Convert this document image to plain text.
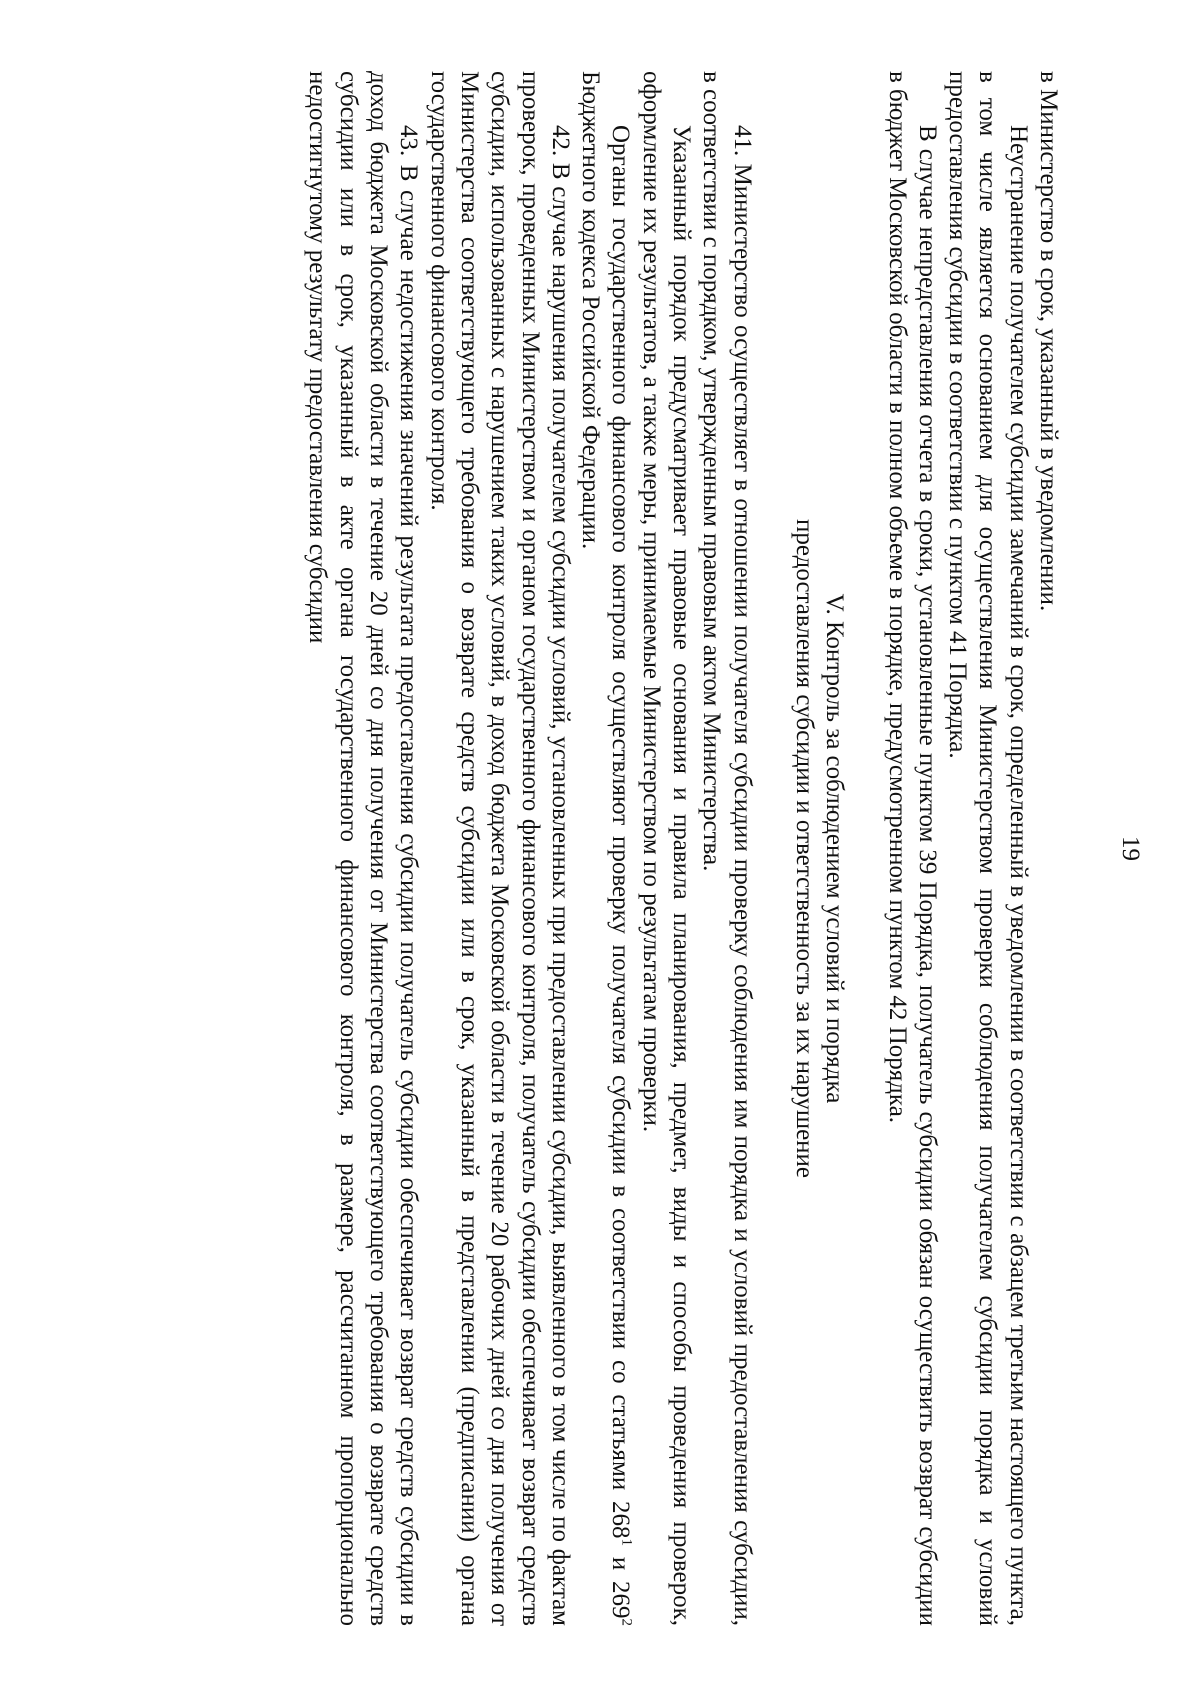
19

в Министерство в срок, указанный в уведомлении.

Неустранение получателем субсидии замечаний в срок, определенный в уведомлении в соответствии с абзацем третьим настоящего пункта, в том числе является основанием для осуществления Министерством проверки соблюдения получателем субсидии порядка и условий предоставления субсидии в соответствии с пунктом 41 Порядка.

В случае непредставления отчета в сроки, установленные пунктом 39 Порядка, получатель субсидии обязан осуществить возврат субсидии в бюджет Московской области в полном объеме в порядке, предусмотренном пунктом 42 Порядка.

V. Контроль за соблюдением условий и порядка
предоставления субсидии и ответственность за их нарушение

41. Министерство осуществляет в отношении получателя субсидии проверку соблюдения им порядка и условий предоставления субсидии, в соответствии с порядком, утвержденным правовым актом Министерства.

Указанный порядок предусматривает правовые основания и правила планирования, предмет, виды и способы проведения проверок, оформление их результатов, а также меры, принимаемые Министерством по результатам проверки.

Органы государственного финансового контроля осуществляют проверку получателя субсидии в соответствии со статьями $268^1$ и $269^2$ Бюджетного кодекса Российской Федерации.

42. В случае нарушения получателем субсидии условий, установленных при предоставлении субсидии, выявленного в том числе по фактам проверок, проведенных Министерством и органом государственного финансового контроля, получатель субсидии обеспечивает возврат средств субсидии, использованных с нарушением таких условий, в доход бюджета Московской области в течение 20 рабочих дней со дня получения от Министерства соответствующего требования о возврате средств субсидии или в срок, указанный в представлении (предписании) органа государственного финансового контроля.

43. В случае недостижения значений результата предоставления субсидии получатель субсидии обеспечивает возврат средств субсидии в доход бюджета Московской области в течение 20 дней со дня получения от Министерства соответствующего требования о возврате средств субсидии или в срок, указанный в акте органа государственного финансового контроля, в размере, рассчитанном пропорционально недостигнутому результату предоставления субсидии
